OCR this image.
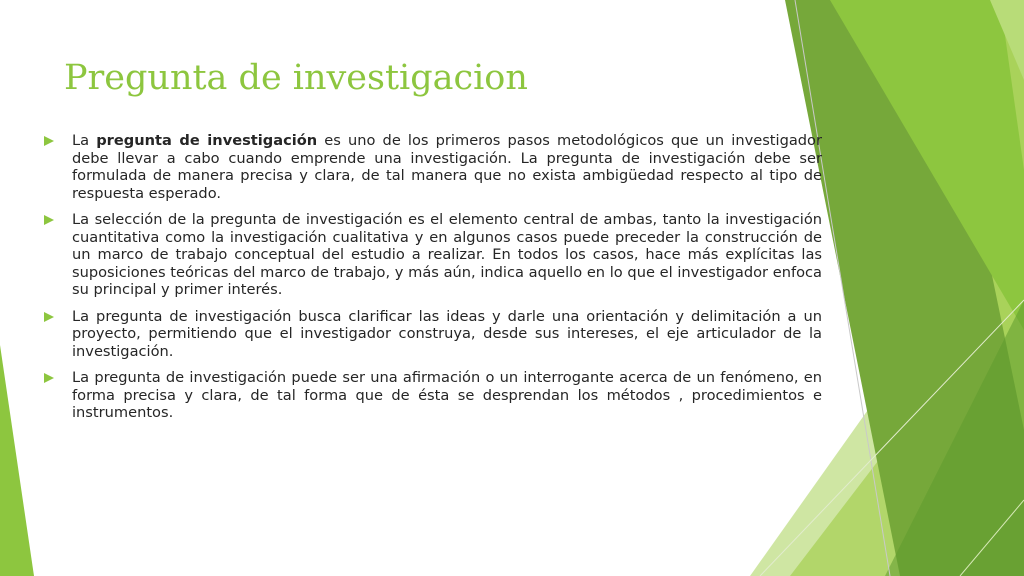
Pregunta de investigacion
La pregunta de investigación es uno de los primeros pasos metodológicos que un investigador debe llevar a cabo cuando emprende una investigación. La pregunta de investigación debe ser formulada de manera precisa y clara, de tal manera que no exista ambigüedad respecto al tipo de respuesta esperado.
La selección de la pregunta de investigación es el elemento central de ambas, tanto la investigación cuantitativa como la investigación cualitativa y en algunos casos puede preceder la construcción de un marco de trabajo conceptual del estudio a realizar. En todos los casos, hace más explícitas las suposiciones teóricas del marco de trabajo, y más aún, indica aquello en lo que el investigador enfoca su principal y primer interés.
La pregunta de investigación busca clarificar las ideas y darle una orientación y delimitación a un proyecto, permitiendo que el investigador construya, desde sus intereses, el eje articulador de la investigación.
La pregunta de investigación puede ser una afirmación o un interrogante acerca de un fenómeno, en forma precisa y clara, de tal forma que de ésta se desprendan los métodos , procedimientos e instrumentos.
